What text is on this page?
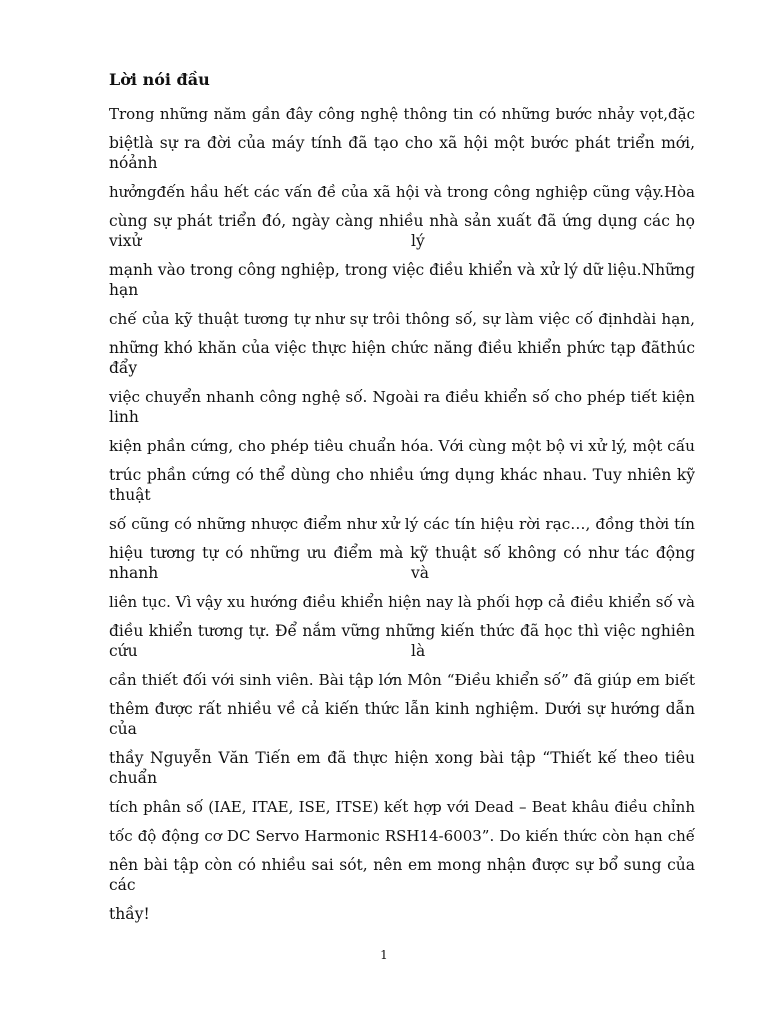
Lời nói đầu
Trong những năm gần đây công nghệ thông tin có những bước nhảy vọt,đặc
biệtlà sự ra đời của máy tính đã tạo cho xã hội một bước phát triển mới,
nóảnh
hưởngđến hầu hết các vấn đề của xã hội và trong công nghiệp cũng vậy.Hòa
cùng sự phát triển đó, ngày càng nhiều nhà sản xuất đã ứng dụng các họ
vixử	lý
mạnh vào trong công nghiệp, trong việc điều khiển và xử lý dữ liệu.Những
hạn
chế của kỹ thuật tương tự như sự trôi thông số, sự làm việc cố địnhdài hạn,
những khó khăn của việc thực hiện chức năng điều khiển phức tạp đãthúc
đẩy
việc chuyển nhanh công nghệ số. Ngoài ra điều khiển số cho phép tiết kiện
linh
kiện phần cứng, cho phép tiêu chuẩn hóa. Với cùng một bộ vi xử lý, một cấu
trúc phần cứng có thể dùng cho nhiều ứng dụng khác nhau. Tuy nhiên kỹ
thuật
số cũng có những nhược điểm như xử lý các tín hiệu rời rạc…, đồng thời tín
hiệu tương tự có những ưu điểm mà kỹ thuật số không có như tác động
nhanh	và
liên tục. Vì vậy xu hướng điều khiển hiện nay là phối hợp cả điều khiển số và
điều khiển tương tự. Để nắm vững những kiến thức đã học thì việc nghiên
cứu	là
cần thiết đối với sinh viên. Bài tập lớn Môn “Điều khiển số” đã giúp em biết
thêm được rất nhiều về cả kiến thức lẫn kinh nghiệm. Dưới sự hướng dẫn
của
thầy Nguyễn Văn Tiến em đã thực hiện xong bài tập “Thiết kế theo tiêu
chuẩn
tích phân số (IAE, ITAE, ISE, ITSE) kết hợp với Dead – Beat khâu điều chỉnh
tốc độ động cơ DC Servo Harmonic RSH14-6003”. Do kiến thức còn hạn chế
nên bài tập còn có nhiều sai sót, nên em mong nhận được sự bổ sung của
các
thầy!
1
